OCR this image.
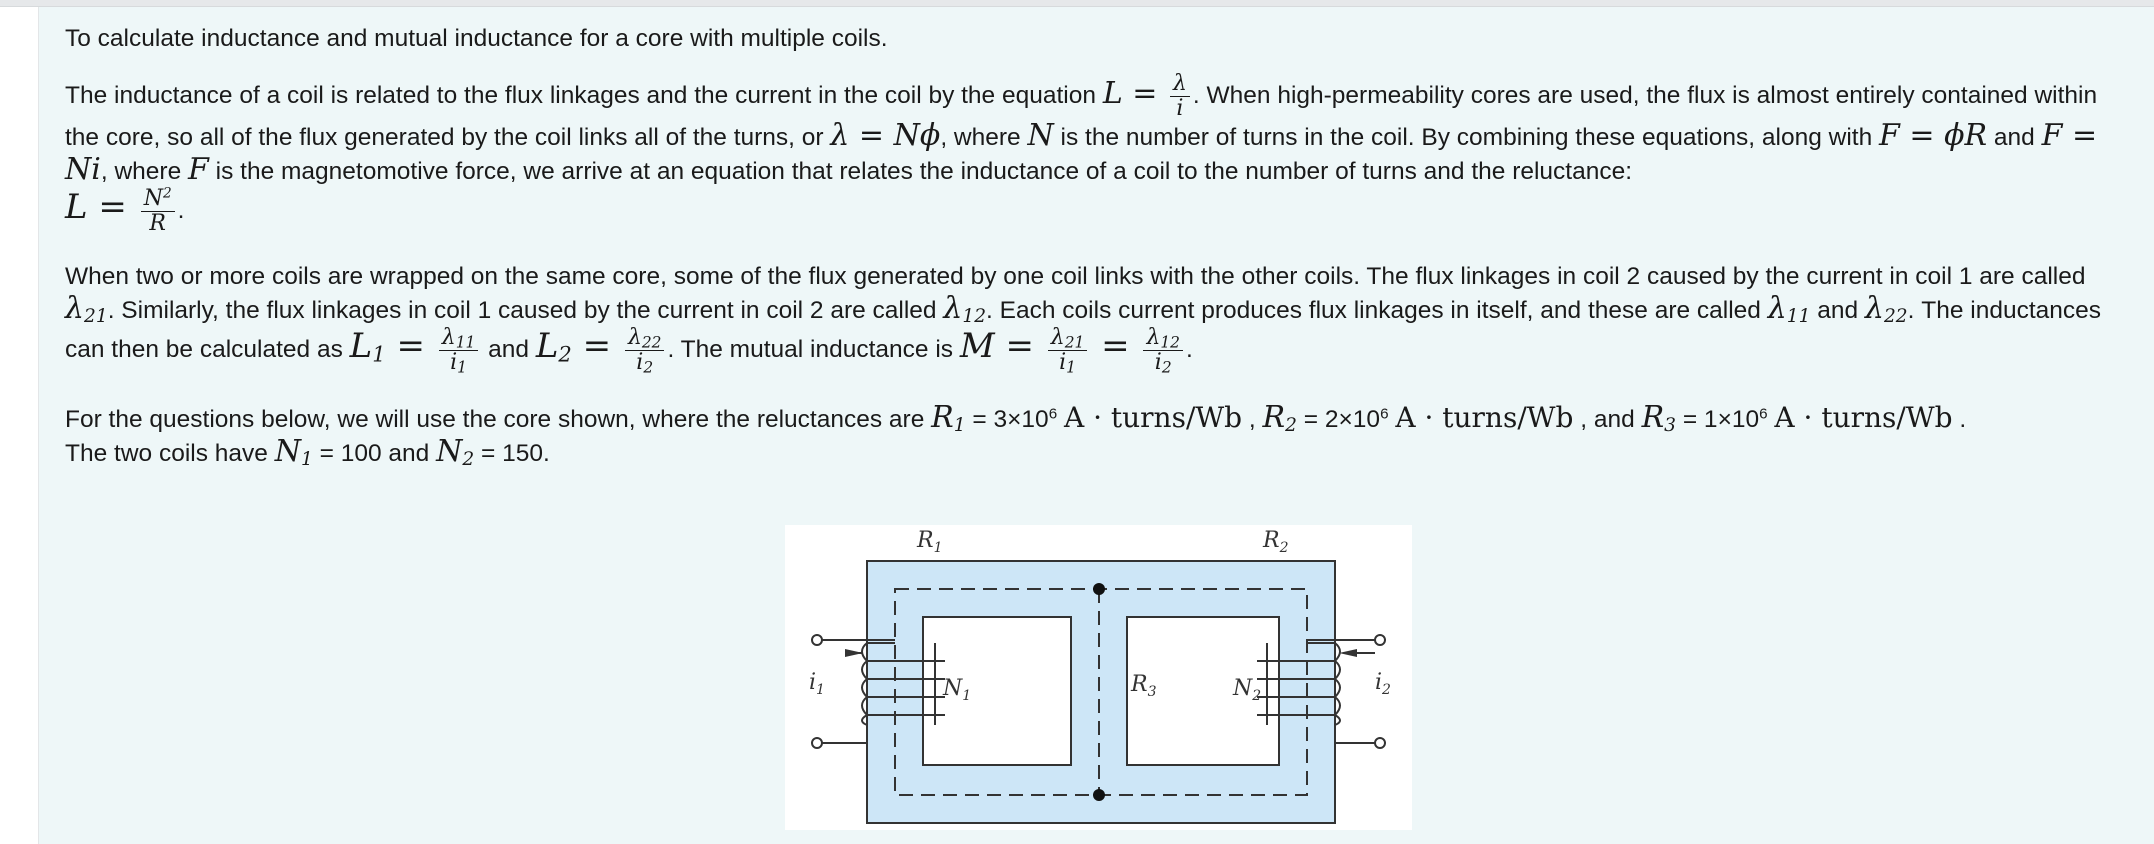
To calculate inductance and mutual inductance for a core with multiple coils.

The inductance of a coil is related to the flux linkages and the current in the coil by the equation $L = \frac{\lambda}{i}$ . When high-permeability cores are used, the flux is almost entirely contained within the core, so all of the flux generated by the coil links all of the turns, or λ = Nϕ, where N is the number of turns in the coil. By combining these equations, along with F = ϕR and F = Ni, where F is the magnetomotive force, we arrive at an equation that relates the inductance of a coil to the number of turns and the reluctance:
$L = \frac{N^2}{R}$ .

When two or more coils are wrapped on the same core, some of the flux generated by one coil links with the other coils. The flux linkages in coil 2 caused by the current in coil 1 are called $\lambda_{21}$. Similarly, the flux linkages in coil 1 caused by the current in coil 2 are called $\lambda_{12}$. Each coils current produces flux linkages in itself, and these are called $\lambda_{11}$ and $\lambda_{22}$. The inductances can then be calculated as $L_1 = \frac{\lambda_{11}}{i_1}$ and $L_2 = \frac{\lambda_{22}}{i_2}$ . The mutual inductance is $M = \frac{\lambda_{21}}{i_1} = \frac{\lambda_{12}}{i_2}$ .

For the questions below, we will use the core shown, where the reluctances are $R_1 = 3\times 10^6$ A · turns/Wb , $R_2 = 2\times 10^6$ A · turns/Wb , and $R_3 = 1\times 10^6$ A · turns/Wb .
The two coils have $N_1 = 100$ and $N_2 = 150$.

$R_1$	$R_2$
$R_3$
$N_1$	$N_2$
$i_1$	$i_2$
